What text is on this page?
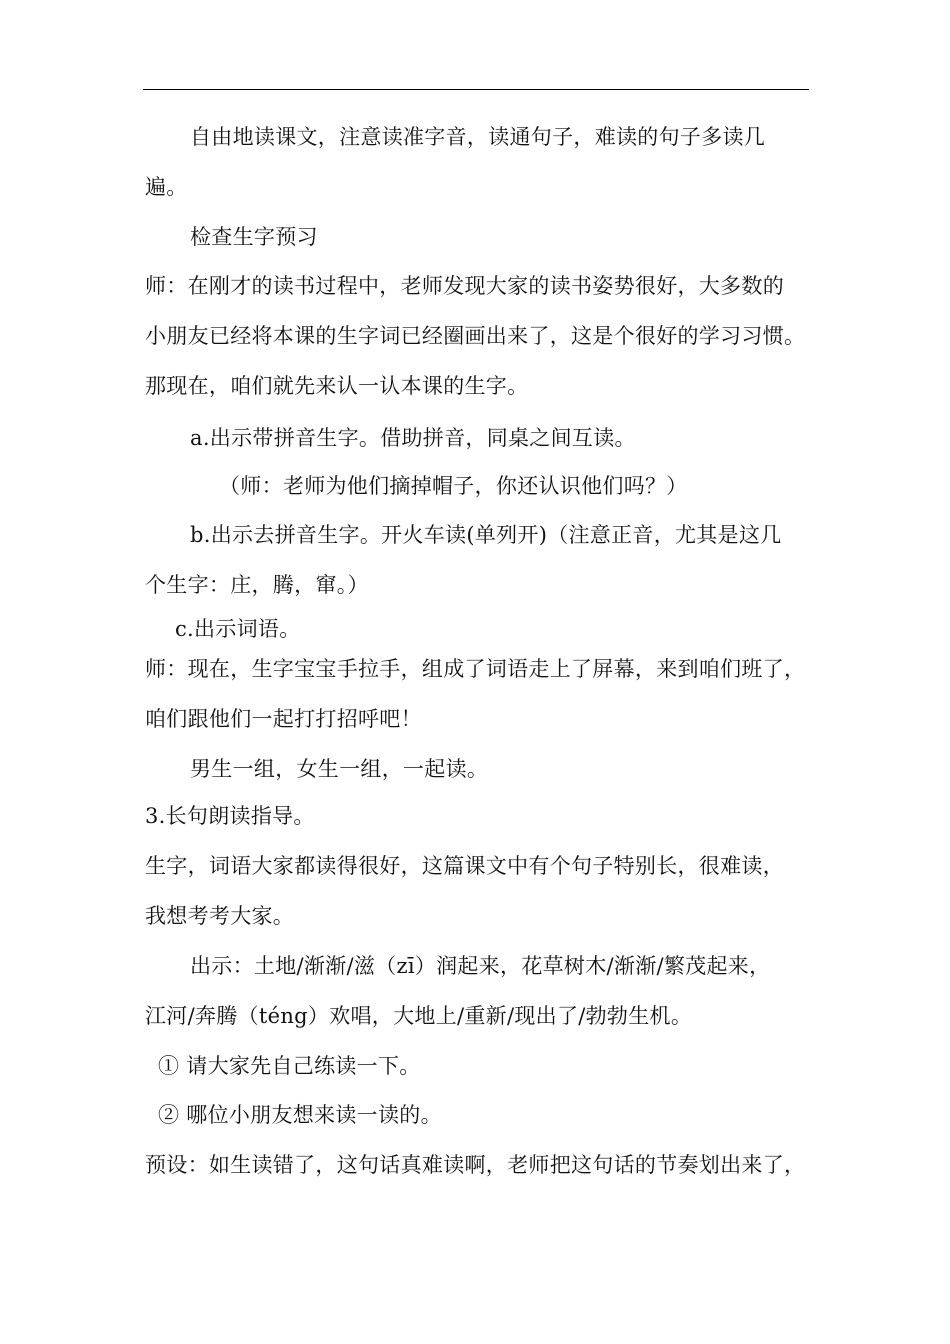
自由地读课文，注意读准字音，读通句子，难读的句子多读几
遍。
检查生字预习
师：在刚才的读书过程中，老师发现大家的读书姿势很好，大多数的
小朋友已经将本课的生字词已经圈画出来了，这是个很好的学习习惯。
那现在，咱们就先来认一认本课的生字。
a.出示带拼音生字。借助拼音，同桌之间互读。
（师：老师为他们摘掉帽子，你还认识他们吗？）
b.出示去拼音生字。开火车读(单列开)（注意正音，尤其是这几
个生字：庄，腾，窜。）
c.出示词语。
师：现在，生字宝宝手拉手，组成了词语走上了屏幕，来到咱们班了，
咱们跟他们一起打打招呼吧！
男生一组，女生一组，一起读。
3.长句朗读指导。
生字，词语大家都读得很好，这篇课文中有个句子特别长，很难读，
我想考考大家。
出示：土地/渐渐/滋（zī）润起来，花草树木/渐渐/繁茂起来，
江河/奔腾（téng）欢唱，大地上/重新/现出了/勃勃生机。
① 请大家先自己练读一下。
② 哪位小朋友想来读一读的。
预设：如生读错了，这句话真难读啊，老师把这句话的节奏划出来了，
